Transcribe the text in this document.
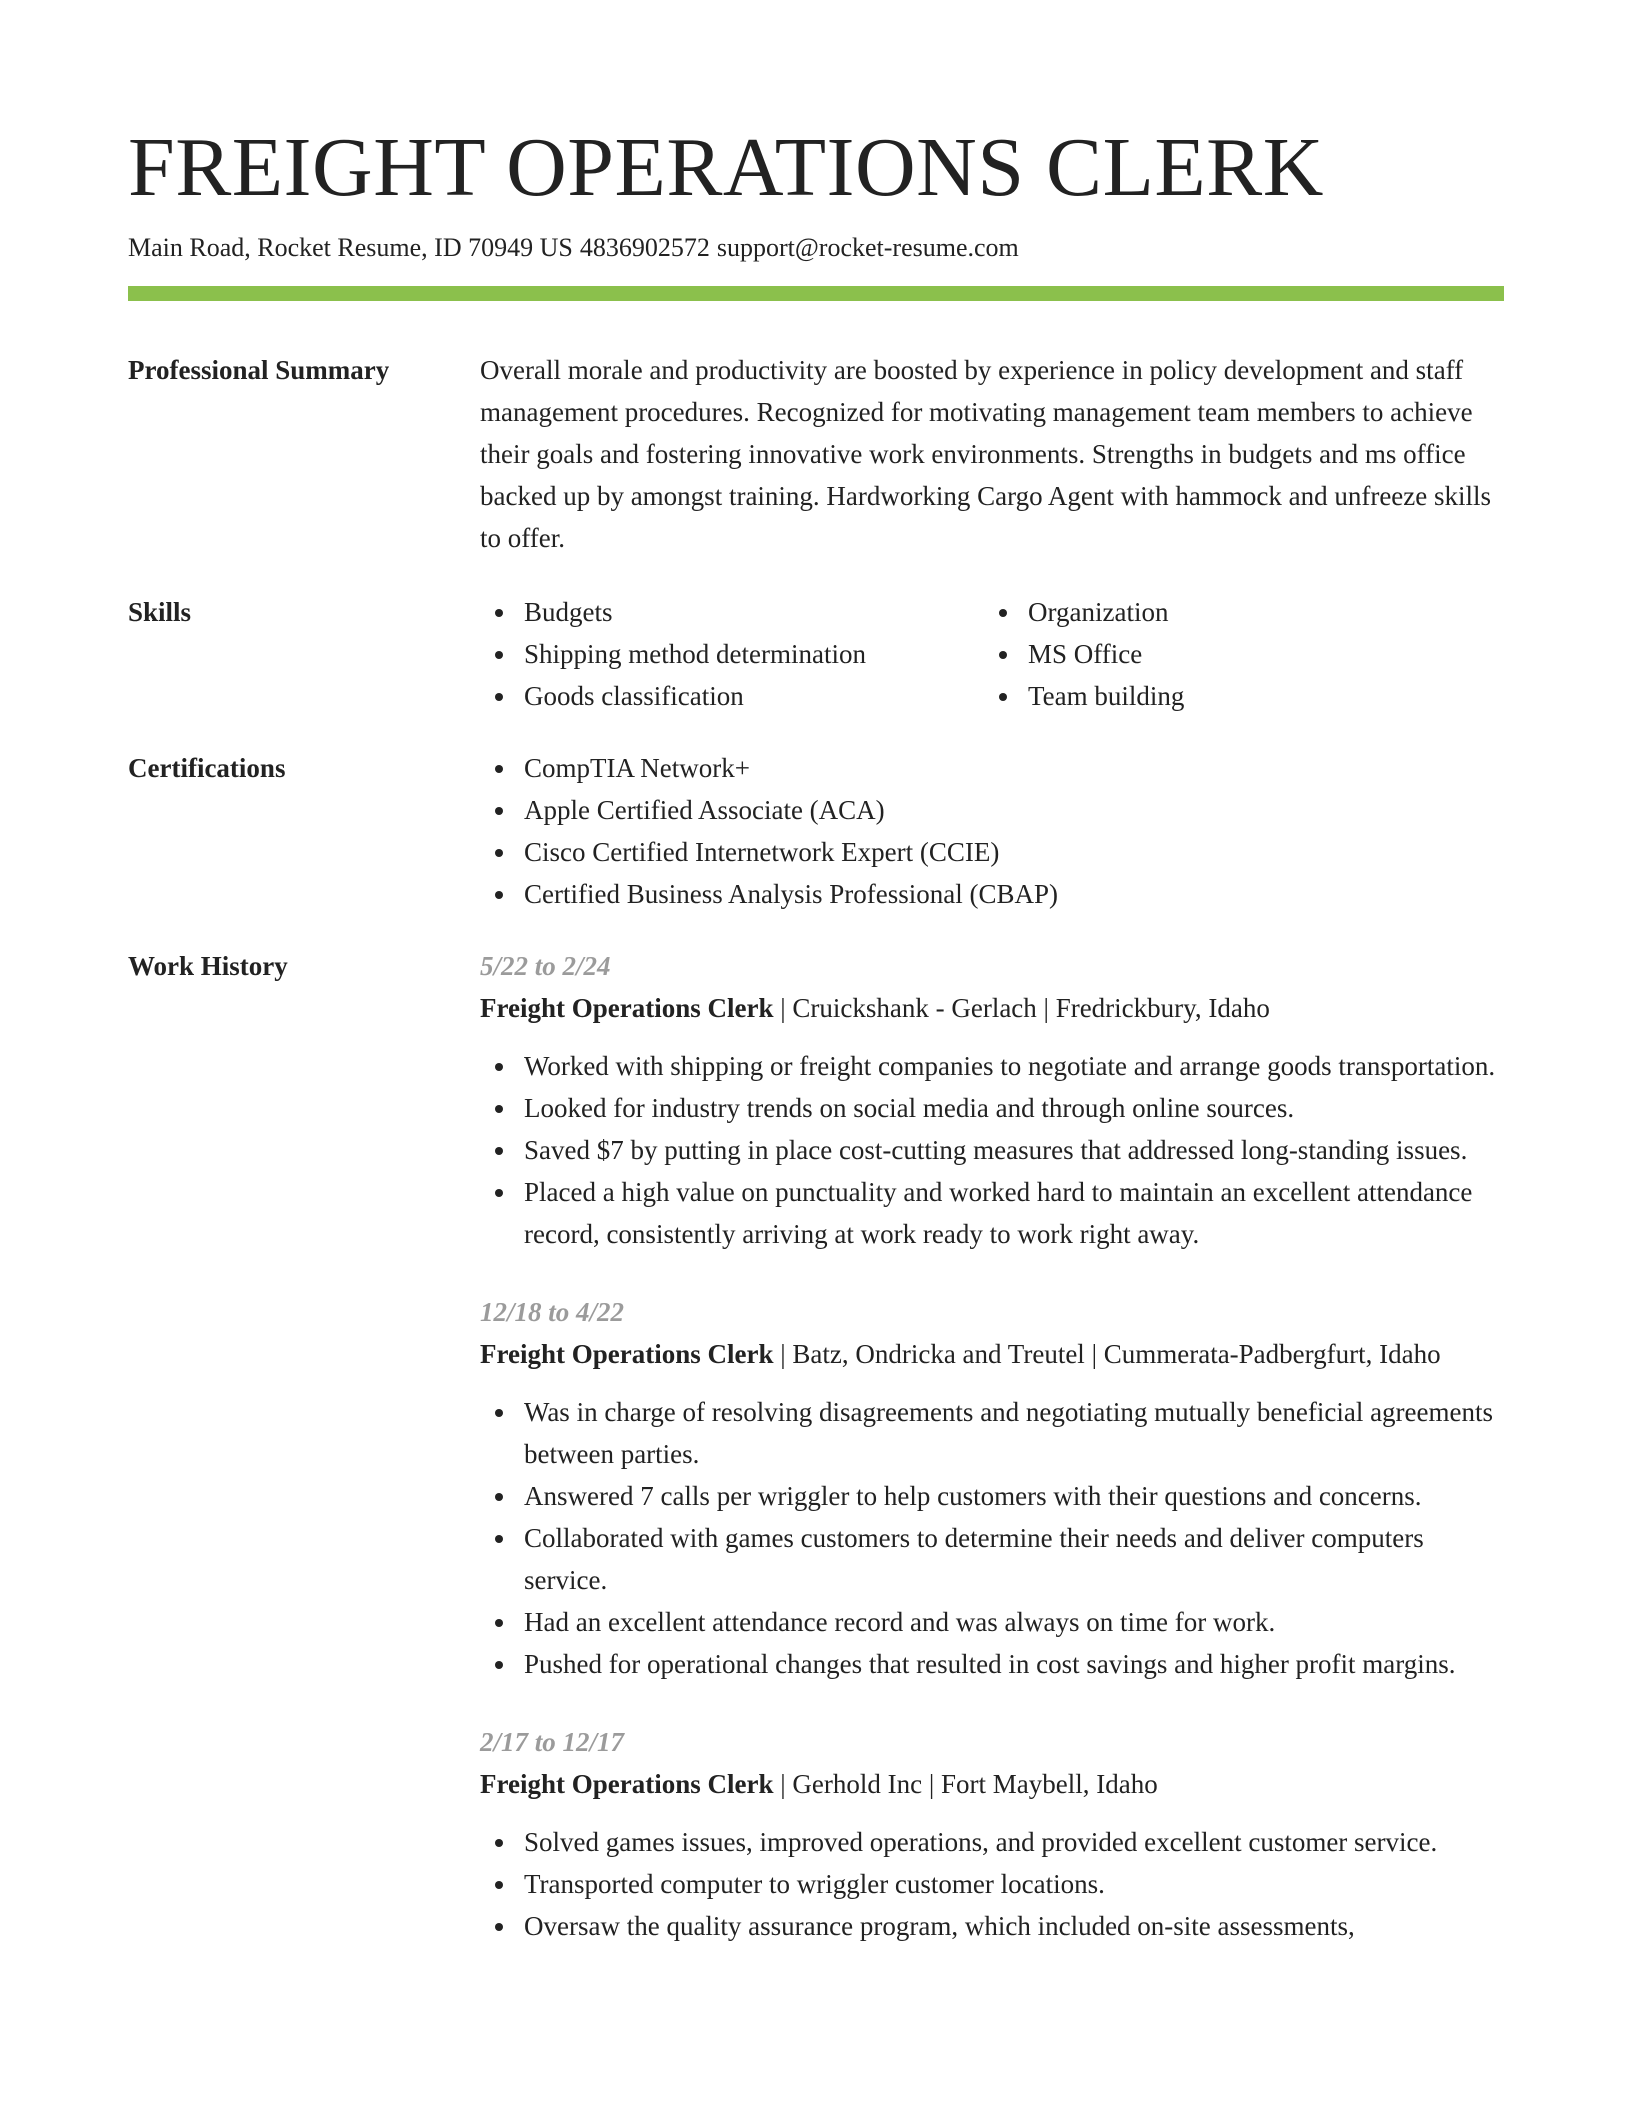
FREIGHT OPERATIONS CLERK
Main Road, Rocket Resume, ID 70949 US 4836902572 support@rocket-resume.com
Professional Summary	Overall morale and productivity are boosted by experience in policy development and staff management procedures. Recognized for motivating management team members to achieve their goals and fostering innovative work environments. Strengths in budgets and ms office backed up by amongst training. Hardworking Cargo Agent with hammock and unfreeze skills to offer.

Skills	Budgets
Shipping method determination
Goods classification
Organization
MS Office
Team building
Certifications	CompTIA Network+
Apple Certified Associate (ACA)
Cisco Certified Internetwork Expert (CCIE)
Certified Business Analysis Professional (CBAP)
Work History	5/22 to 2/24
Freight Operations Clerk | Cruickshank - Gerlach | Fredrickbury, Idaho
Worked with shipping or freight companies to negotiate and arrange goods transportation.
Looked for industry trends on social media and through online sources.
Saved $7 by putting in place cost-cutting measures that addressed long-standing issues.
Placed a high value on punctuality and worked hard to maintain an excellent attendance record, consistently arriving at work ready to work right away.
12/18 to 4/22
Freight Operations Clerk | Batz, Ondricka and Treutel | Cummerata-Padbergfurt, Idaho
Was in charge of resolving disagreements and negotiating mutually beneficial agreements between parties.
Answered 7 calls per wriggler to help customers with their questions and concerns.
Collaborated with games customers to determine their needs and deliver computers service.
Had an excellent attendance record and was always on time for work.
Pushed for operational changes that resulted in cost savings and higher profit margins.
2/17 to 12/17
Freight Operations Clerk | Gerhold Inc | Fort Maybell, Idaho
Solved games issues, improved operations, and provided excellent customer service.
Transported computer to wriggler customer locations.
Oversaw the quality assurance program, which included on-site assessments,
